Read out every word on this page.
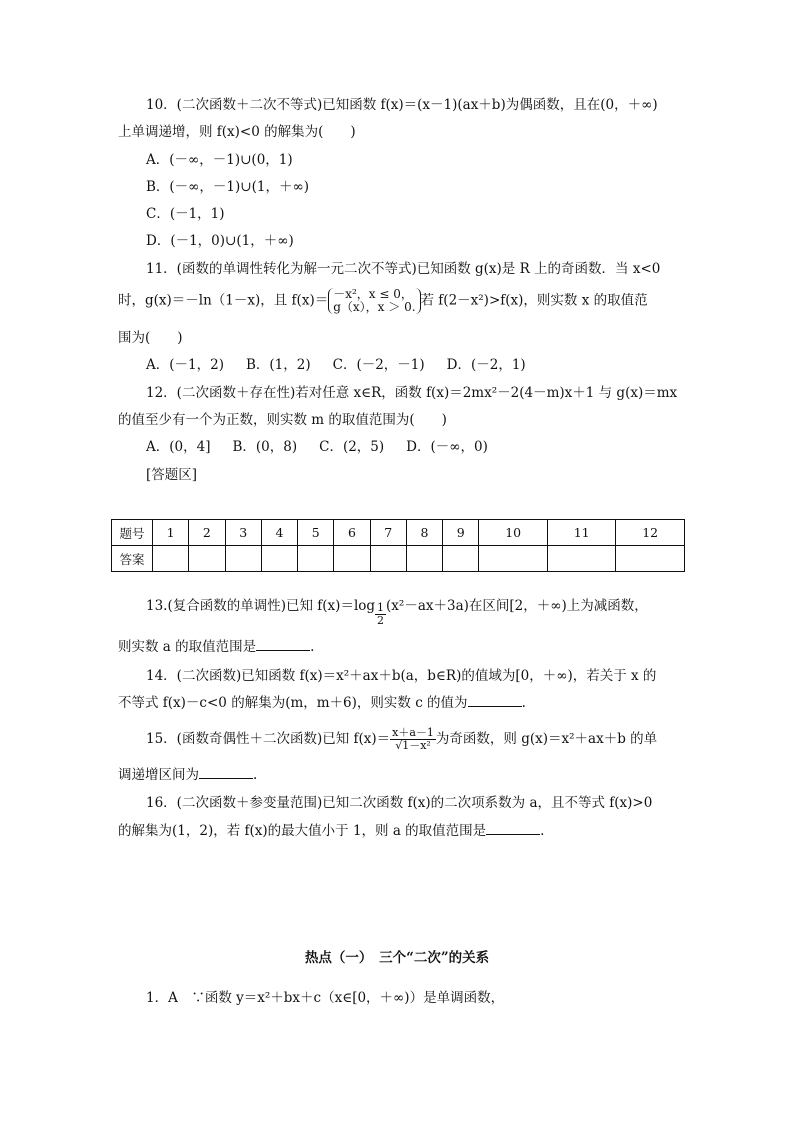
10．(二次函数＋二次不等式)已知函数 f(x)＝(x－1)(ax＋b)为偶函数，且在(0，＋∞)
上单调递增，则 f(x)<0 的解集为(　　)
A．(－∞，－1)∪(0，1)
B．(－∞，－1)∪(1，＋∞)
C．(－1，1)
D．(－1，0)∪(1，＋∞)
11．(函数的单调性转化为解一元二次不等式)已知函数 g(x)是 R 上的奇函数．当 x<0
时，g(x)＝－ln（1－x)，且 f(x)＝ －x²，x ≤ 0，
g（x），x ＞ 0. 若 f(2－x²)>f(x)，则实数 x 的取值范
围为(　　)
A．(－1，2) B．(1，2) C．(－2，－1) D．(－2，1)
12．(二次函数＋存在性)若对任意 x∈R，函数 f(x)＝2mx²－2(4－m)x＋1 与 g(x)＝mx
的值至少有一个为正数，则实数 m 的取值范围为(　　)
A．(0，4] B．(0，8) C．(2，5) D．(－∞，0)
[答题区]
题号	1	2	3	4	5	6	7	8	9	10	11	12
答案												
13.(复合函数的单调性)已知 $f(x)=\log \frac{1}{2} (x^2-ax+3a)$在区间[2，＋∞)上为减函数，
则实数 a 的取值范围是	.
14．(二次函数)已知函数 f(x)＝x²＋ax＋b(a，b∈R)的值域为[0，＋∞)，若关于 x 的
不等式 f(x)－c<0 的解集为(m，m＋6)，则实数 c 的值为	.
15．(函数奇偶性＋二次函数)已知 $f(x)= \frac{x+a-1}{\text{√1－x²}}$ 为奇函数，则 g(x)＝x²＋ax＋b 的单
调递增区间为	.
16．(二次函数＋参变量范围)已知二次函数 f(x)的二次项系数为 a，且不等式 f(x)>0
的解集为(1，2)，若 f(x)的最大值小于 1，则 a 的取值范围是	.
热点（一）　三个“二次”的关系
1．A　∵函数 y＝x²＋bx＋c（x∈[0，＋∞)）是单调函数，
